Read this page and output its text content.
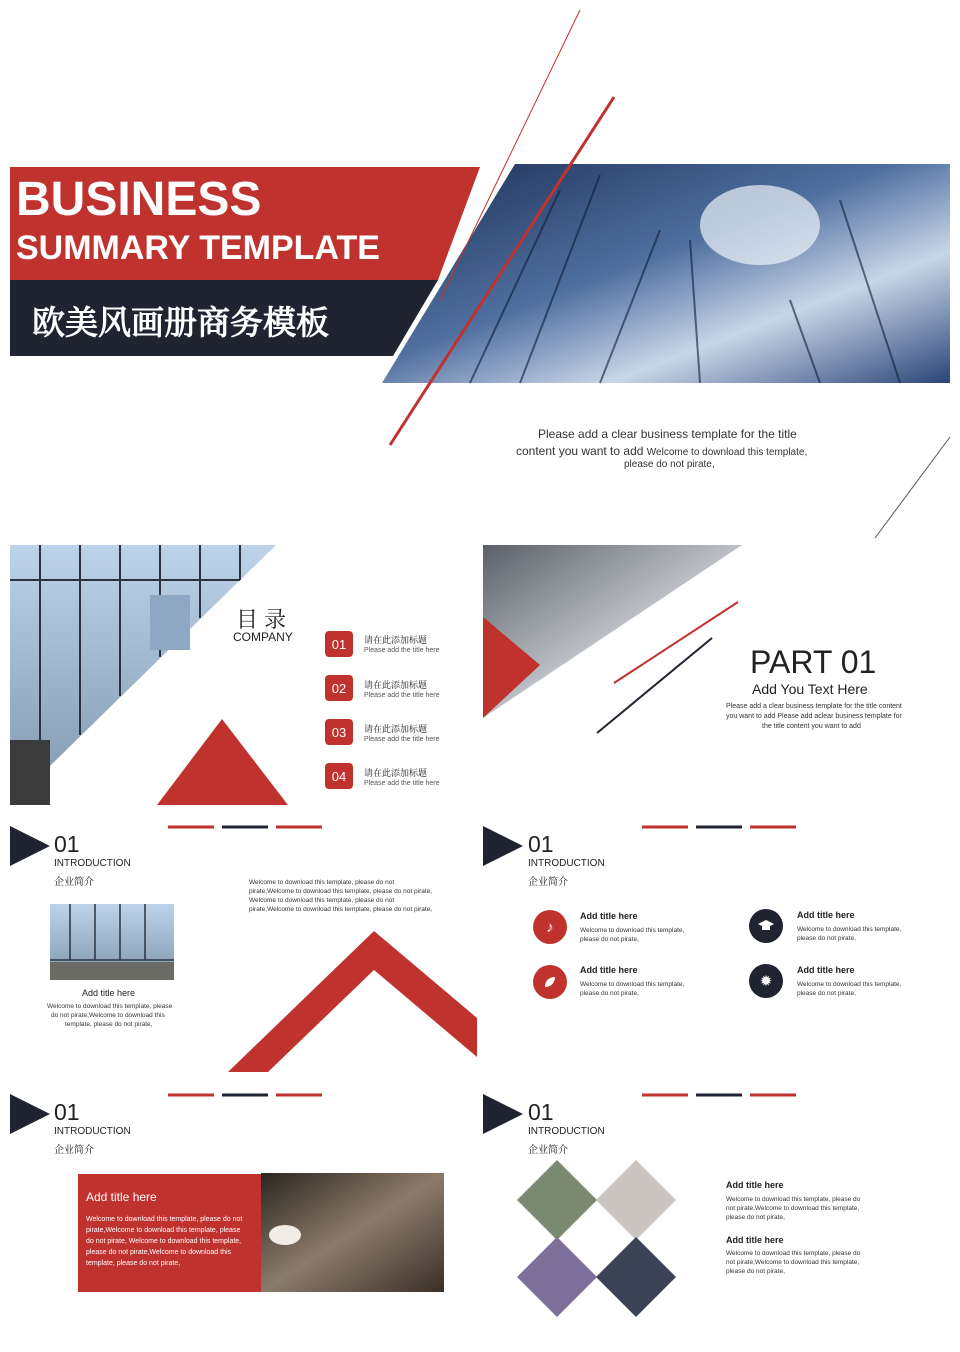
BUSINESS
SUMMARY TEMPLATE
欧美风画册商务模板
Please add a clear business template for the title
content you want to add Welcome to download this template,
please do not pirate,
目 录
COMPANY	01	请在此添加标题
Please add the title here
02	请在此添加标题
Please add the title here
03	请在此添加标题
Please add the title here
04	请在此添加标题
Please add the title here
PART 01
Add You Text Here
Please add a clear business template for the title content
you want to add Please add aclear business template for
the title content you want to add
01
INTRODUCTION
企业简介
01
INTRODUCTION
企业简介
01
INTRODUCTION
企业简介
01
INTRODUCTION
企业简介
Welcome to download this template, please do not
pirate,Welcome to download this template, please do not pirate,
Welcome to download this template, please do not
pirate,Welcome to download this template, please do not pirate,
Add title here
Welcome to download this template, please
do not pirate,Welcome to download this
template, please do not pirate,
♪
Add title here
Welcome to download this template,
please do not pirate,
Add title here
Welcome to download this template,
please do not pirate,
Add title here
Welcome to download this template,
please do not pirate,
✹
Add title here
Welcome to download this template,
please do not pirate,
Add title here
Welcome to download this template, please do not
pirate,Welcome to download this template, please
do not pirate, Welcome to download this template,
please do not pirate,Welcome to download this
template, please do not pirate,
Add title here
Welcome to download this template, please do
not pirate,Welcome to download this template,
please do not pirate,
Add title here
Welcome to download this template, please do
not pirate,Welcome to download this template,
please do not pirate,
